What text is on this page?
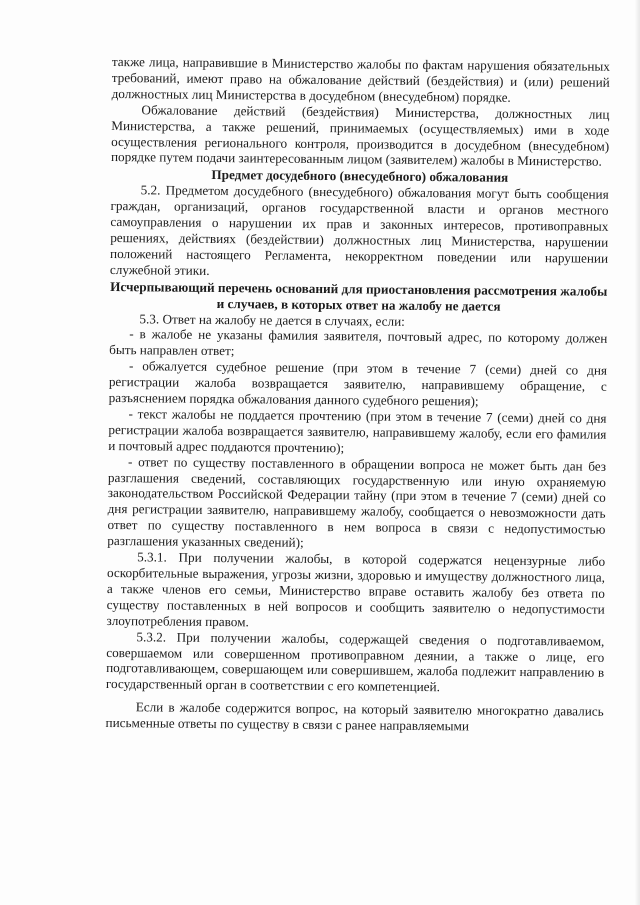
также лица, направившие в Министерство жалобы по фактам нарушения обязательных требований, имеют право на обжалование действий (бездействия) и (или) решений должностных лиц Министерства в досудебном (внесудебном) порядке.

Обжалование действий (бездействия) Министерства, должностных лиц Министерства, а также решений, принимаемых (осуществляемых) ими в ходе осуществления регионального контроля, производится в досудебном (внесудебном) порядке путем подачи заинтересованным лицом (заявителем) жалобы в Министерство.

Предмет досудебного (внесудебного) обжалования

5.2. Предметом досудебного (внесудебного) обжалования могут быть сообщения граждан, организаций, органов государственной власти и органов местного самоуправления о нарушении их прав и законных интересов, противоправных решениях, действиях (бездействии) должностных лиц Министерства, нарушении положений настоящего Регламента, некорректном поведении или нарушении служебной этики.

Исчерпывающий перечень оснований для приостановления рассмотрения жалобы и случаев, в которых ответ на жалобу не дается

5.3. Ответ на жалобу не дается в случаях, если:

- в жалобе не указаны фамилия заявителя, почтовый адрес, по которому должен быть направлен ответ;

- обжалуется судебное решение (при этом в течение 7 (семи) дней со дня регистрации жалоба возвращается заявителю, направившему обращение, с разъяснением порядка обжалования данного судебного решения);

- текст жалобы не поддается прочтению (при этом в течение 7 (семи) дней со дня регистрации жалоба возвращается заявителю, направившему жалобу, если его фамилия и почтовый адрес поддаются прочтению);

- ответ по существу поставленного в обращении вопроса не может быть дан без разглашения сведений, составляющих государственную или иную охраняемую законодательством Российской Федерации тайну (при этом в течение 7 (семи) дней со дня регистрации заявителю, направившему жалобу, сообщается о невозможности дать ответ по существу поставленного в нем вопроса в связи с недопустимостью разглашения указанных сведений);

5.3.1. При получении жалобы, в которой содержатся нецензурные либо оскорбительные выражения, угрозы жизни, здоровью и имуществу должностного лица, а также членов его семьи, Министерство вправе оставить жалобу без ответа по существу поставленных в ней вопросов и сообщить заявителю о недопустимости злоупотребления правом.

5.3.2. При получении жалобы, содержащей сведения о подготавливаемом, совершаемом или совершенном противоправном деянии, а также о лице, его подготавливающем, совершающем или совершившем, жалоба подлежит направлению в государственный орган в соответствии с его компетенцией.

Если в жалобе содержится вопрос, на который заявителю многократно давались письменные ответы по существу в связи с ранее направляемыми
